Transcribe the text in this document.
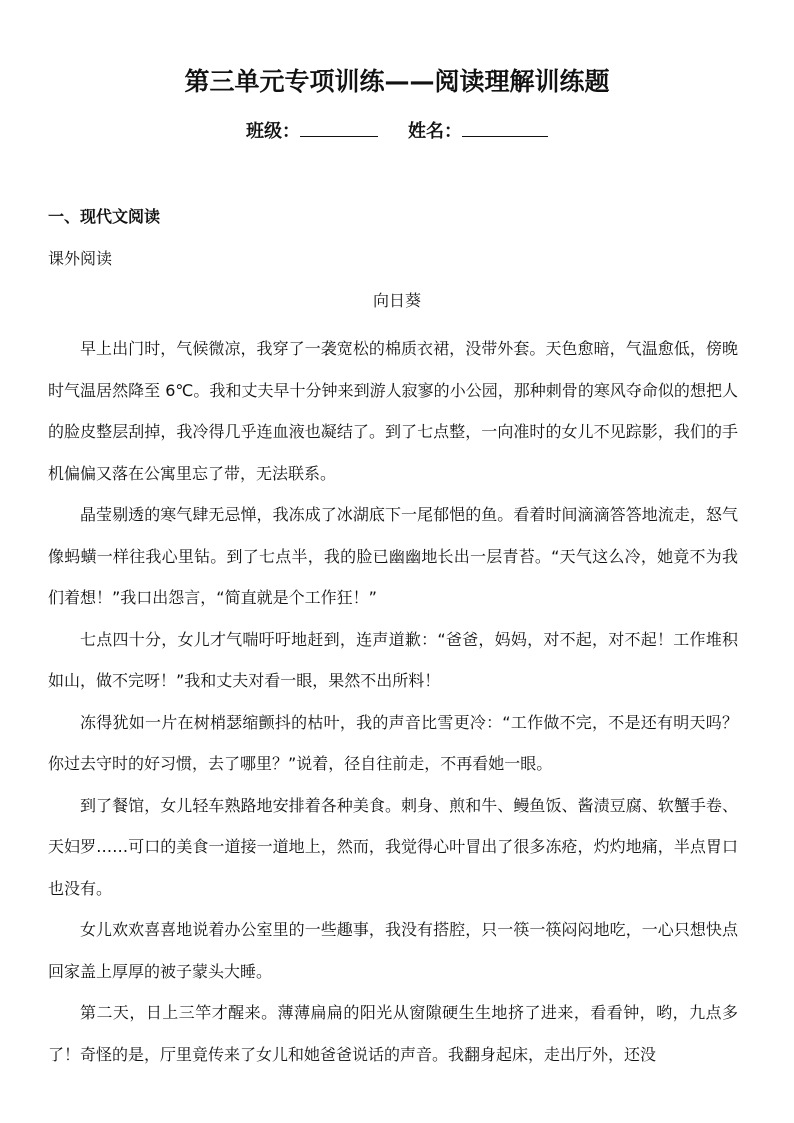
第三单元专项训练——阅读理解训练题
班级：	姓名：
一、现代文阅读
课外阅读
向日葵

早上出门时，气候微凉，我穿了一袭宽松的棉质衣裙，没带外套。天色愈暗，气温愈低，傍晚时气温居然降至 6℃。我和丈夫早十分钟来到游人寂寥的小公园，那种刺骨的寒风夺命似的想把人的脸皮整层刮掉，我冷得几乎连血液也凝结了。到了七点整，一向准时的女儿不见踪影，我们的手机偏偏又落在公寓里忘了带，无法联系。

晶莹剔透的寒气肆无忌惮，我冻成了冰湖底下一尾郁悒的鱼。看着时间滴滴答答地流走，怒气像蚂蟥一样往我心里钻。到了七点半，我的脸已幽幽地长出一层青苔。“天气这么冷，她竟不为我们着想！”我口出怨言，“简直就是个工作狂！”

七点四十分，女儿才气喘吁吁地赶到，连声道歉：“爸爸，妈妈，对不起，对不起！工作堆积如山，做不完呀！”我和丈夫对看一眼，果然不出所料！

冻得犹如一片在树梢瑟缩颤抖的枯叶，我的声音比雪更冷：“工作做不完，不是还有明天吗？你过去守时的好习惯，去了哪里？”说着，径自往前走，不再看她一眼。

到了餐馆，女儿轻车熟路地安排着各种美食。刺身、煎和牛、鳗鱼饭、酱渍豆腐、软蟹手卷、天妇罗……可口的美食一道接一道地上，然而，我觉得心叶冒出了很多冻疮，灼灼地痛，半点胃口也没有。

女儿欢欢喜喜地说着办公室里的一些趣事，我没有搭腔，只一筷一筷闷闷地吃，一心只想快点回家盖上厚厚的被子蒙头大睡。

第二天，日上三竿才醒来。薄薄扁扁的阳光从窗隙硬生生地挤了进来，看看钟，哟，九点多了！奇怪的是，厅里竟传来了女儿和她爸爸说话的声音。我翻身起床，走出厅外，还没
